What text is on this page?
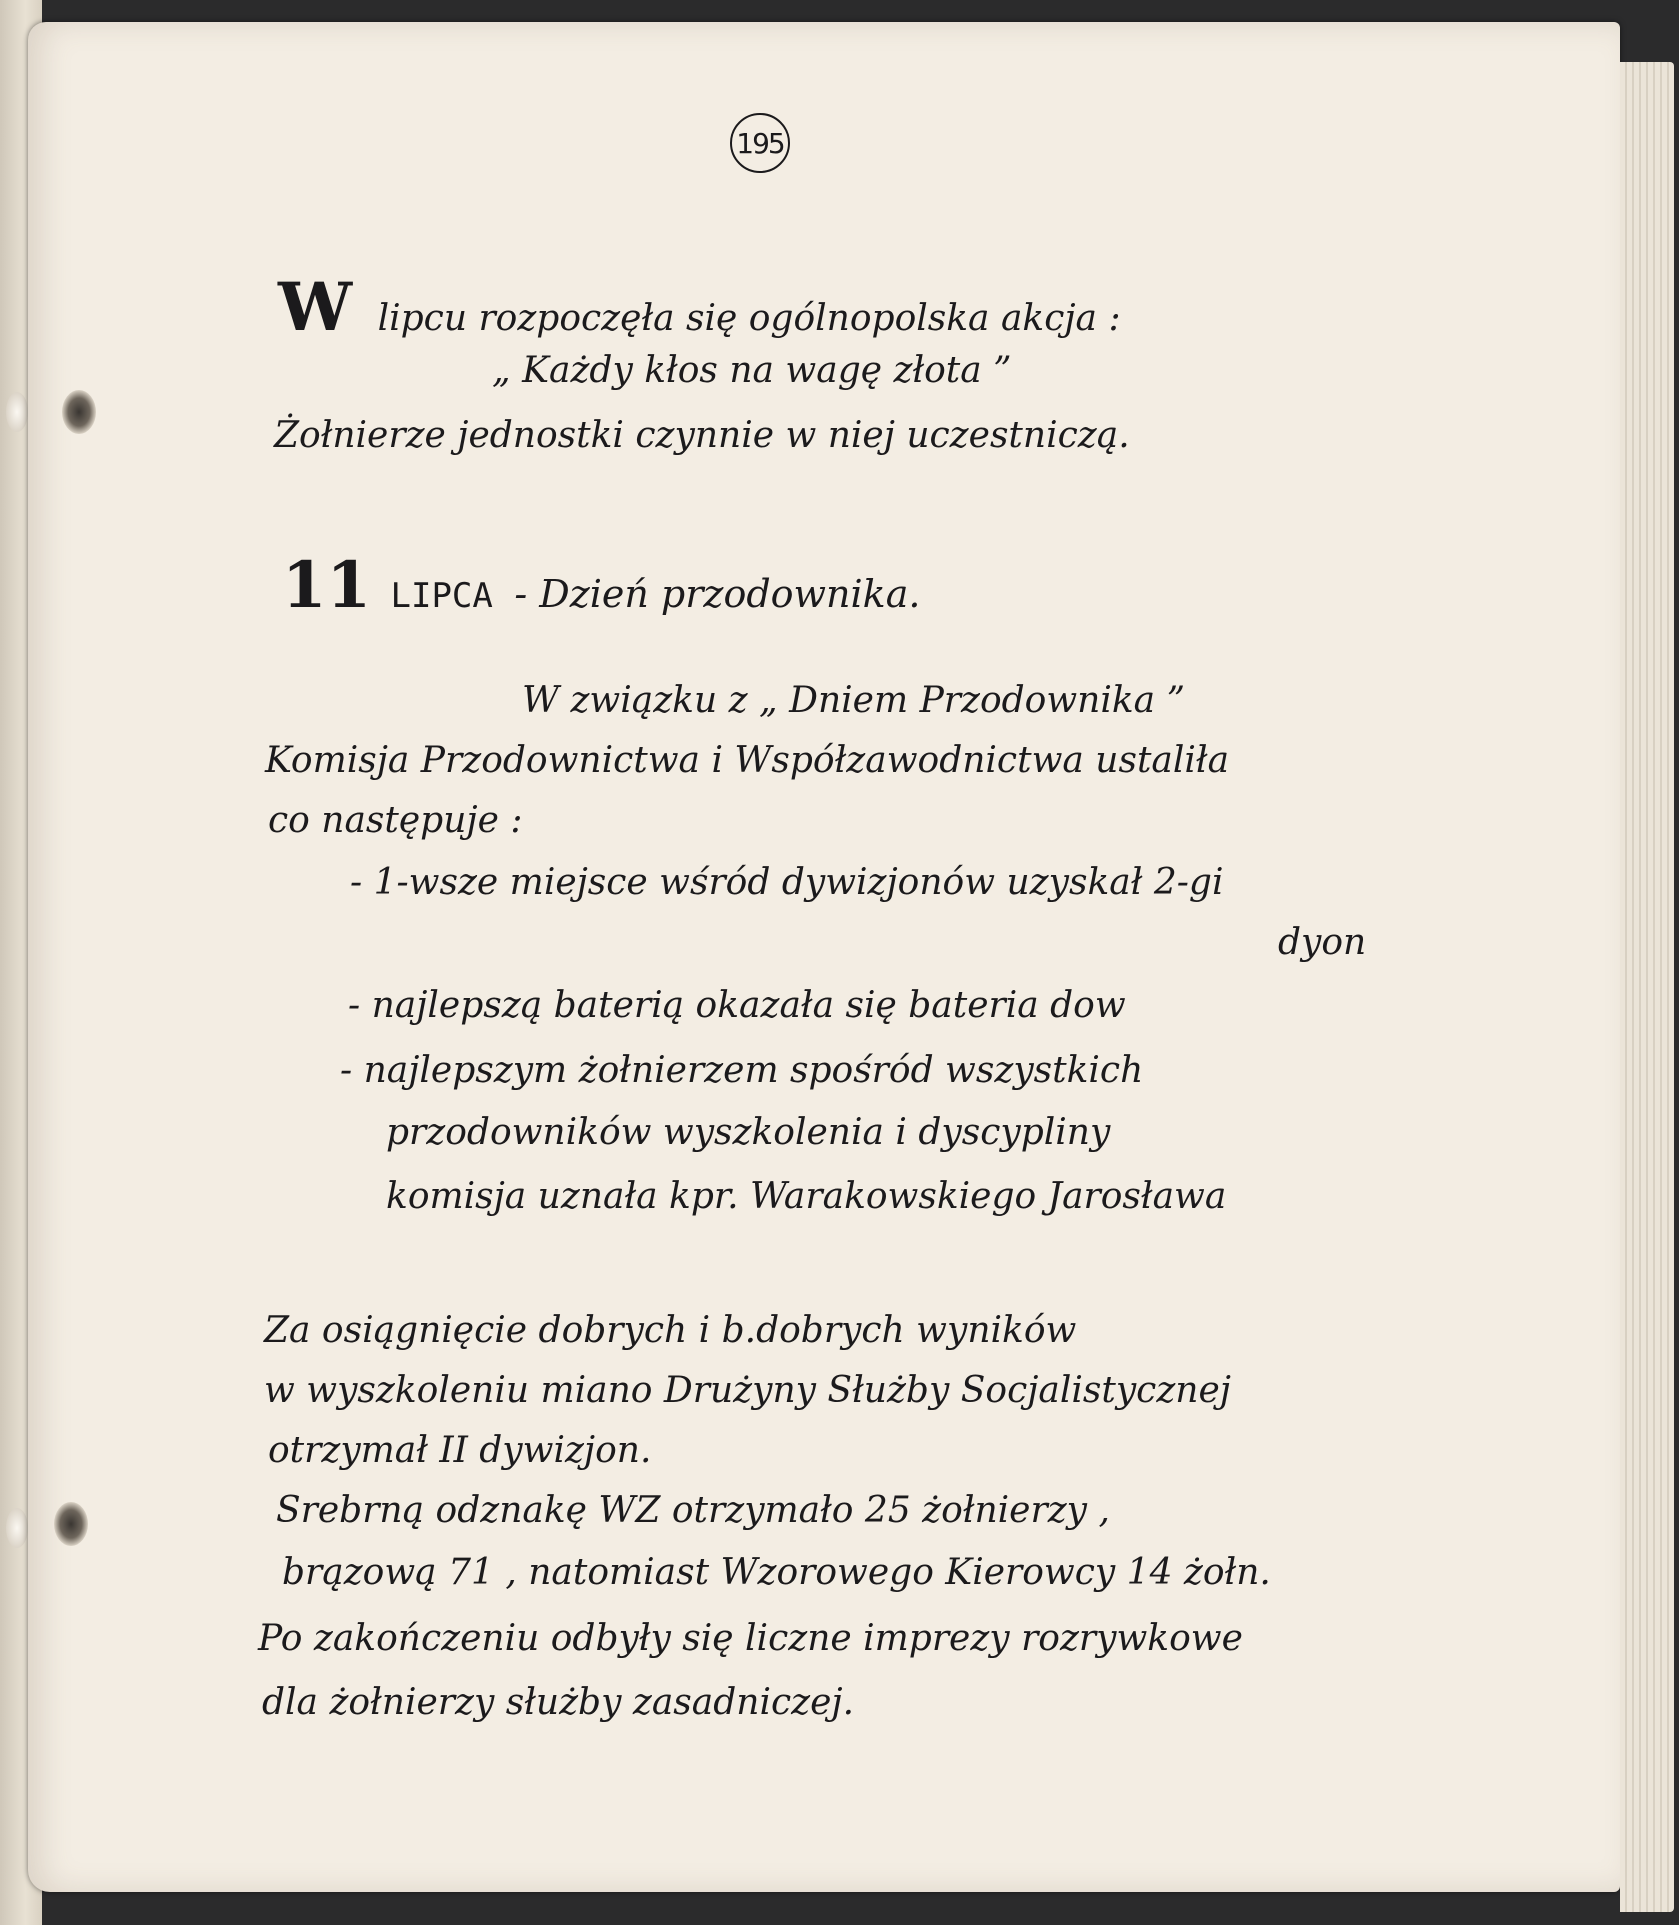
195
W lipcu rozpoczęła się ogólnopolska akcja :
„ Każdy kłos na wagę złota ”
Żołnierze jednostki czynnie w niej uczestniczą.
11 LIPCA - Dzień przodownika.
W związku z „ Dniem Przodownika ”
Komisja Przodownictwa i Współzawodnictwa ustaliła
co następuje :
- 1-wsze miejsce wśród dywizjonów uzyskał 2-gi
dyon
- najlepszą baterią okazała się bateria dow
- najlepszym żołnierzem spośród wszystkich
przodowników wyszkolenia i dyscypliny
komisja uznała kpr. Warakowskiego Jarosława
Za osiągnięcie dobrych i b.dobrych wyników
w wyszkoleniu miano Drużyny Służby Socjalistycznej
otrzymał II dywizjon.
Srebrną odznakę WZ otrzymało 25 żołnierzy ,
brązową 71 , natomiast Wzorowego Kierowcy 14 żołn.
Po zakończeniu odbyły się liczne imprezy rozrywkowe
dla żołnierzy służby zasadniczej.
